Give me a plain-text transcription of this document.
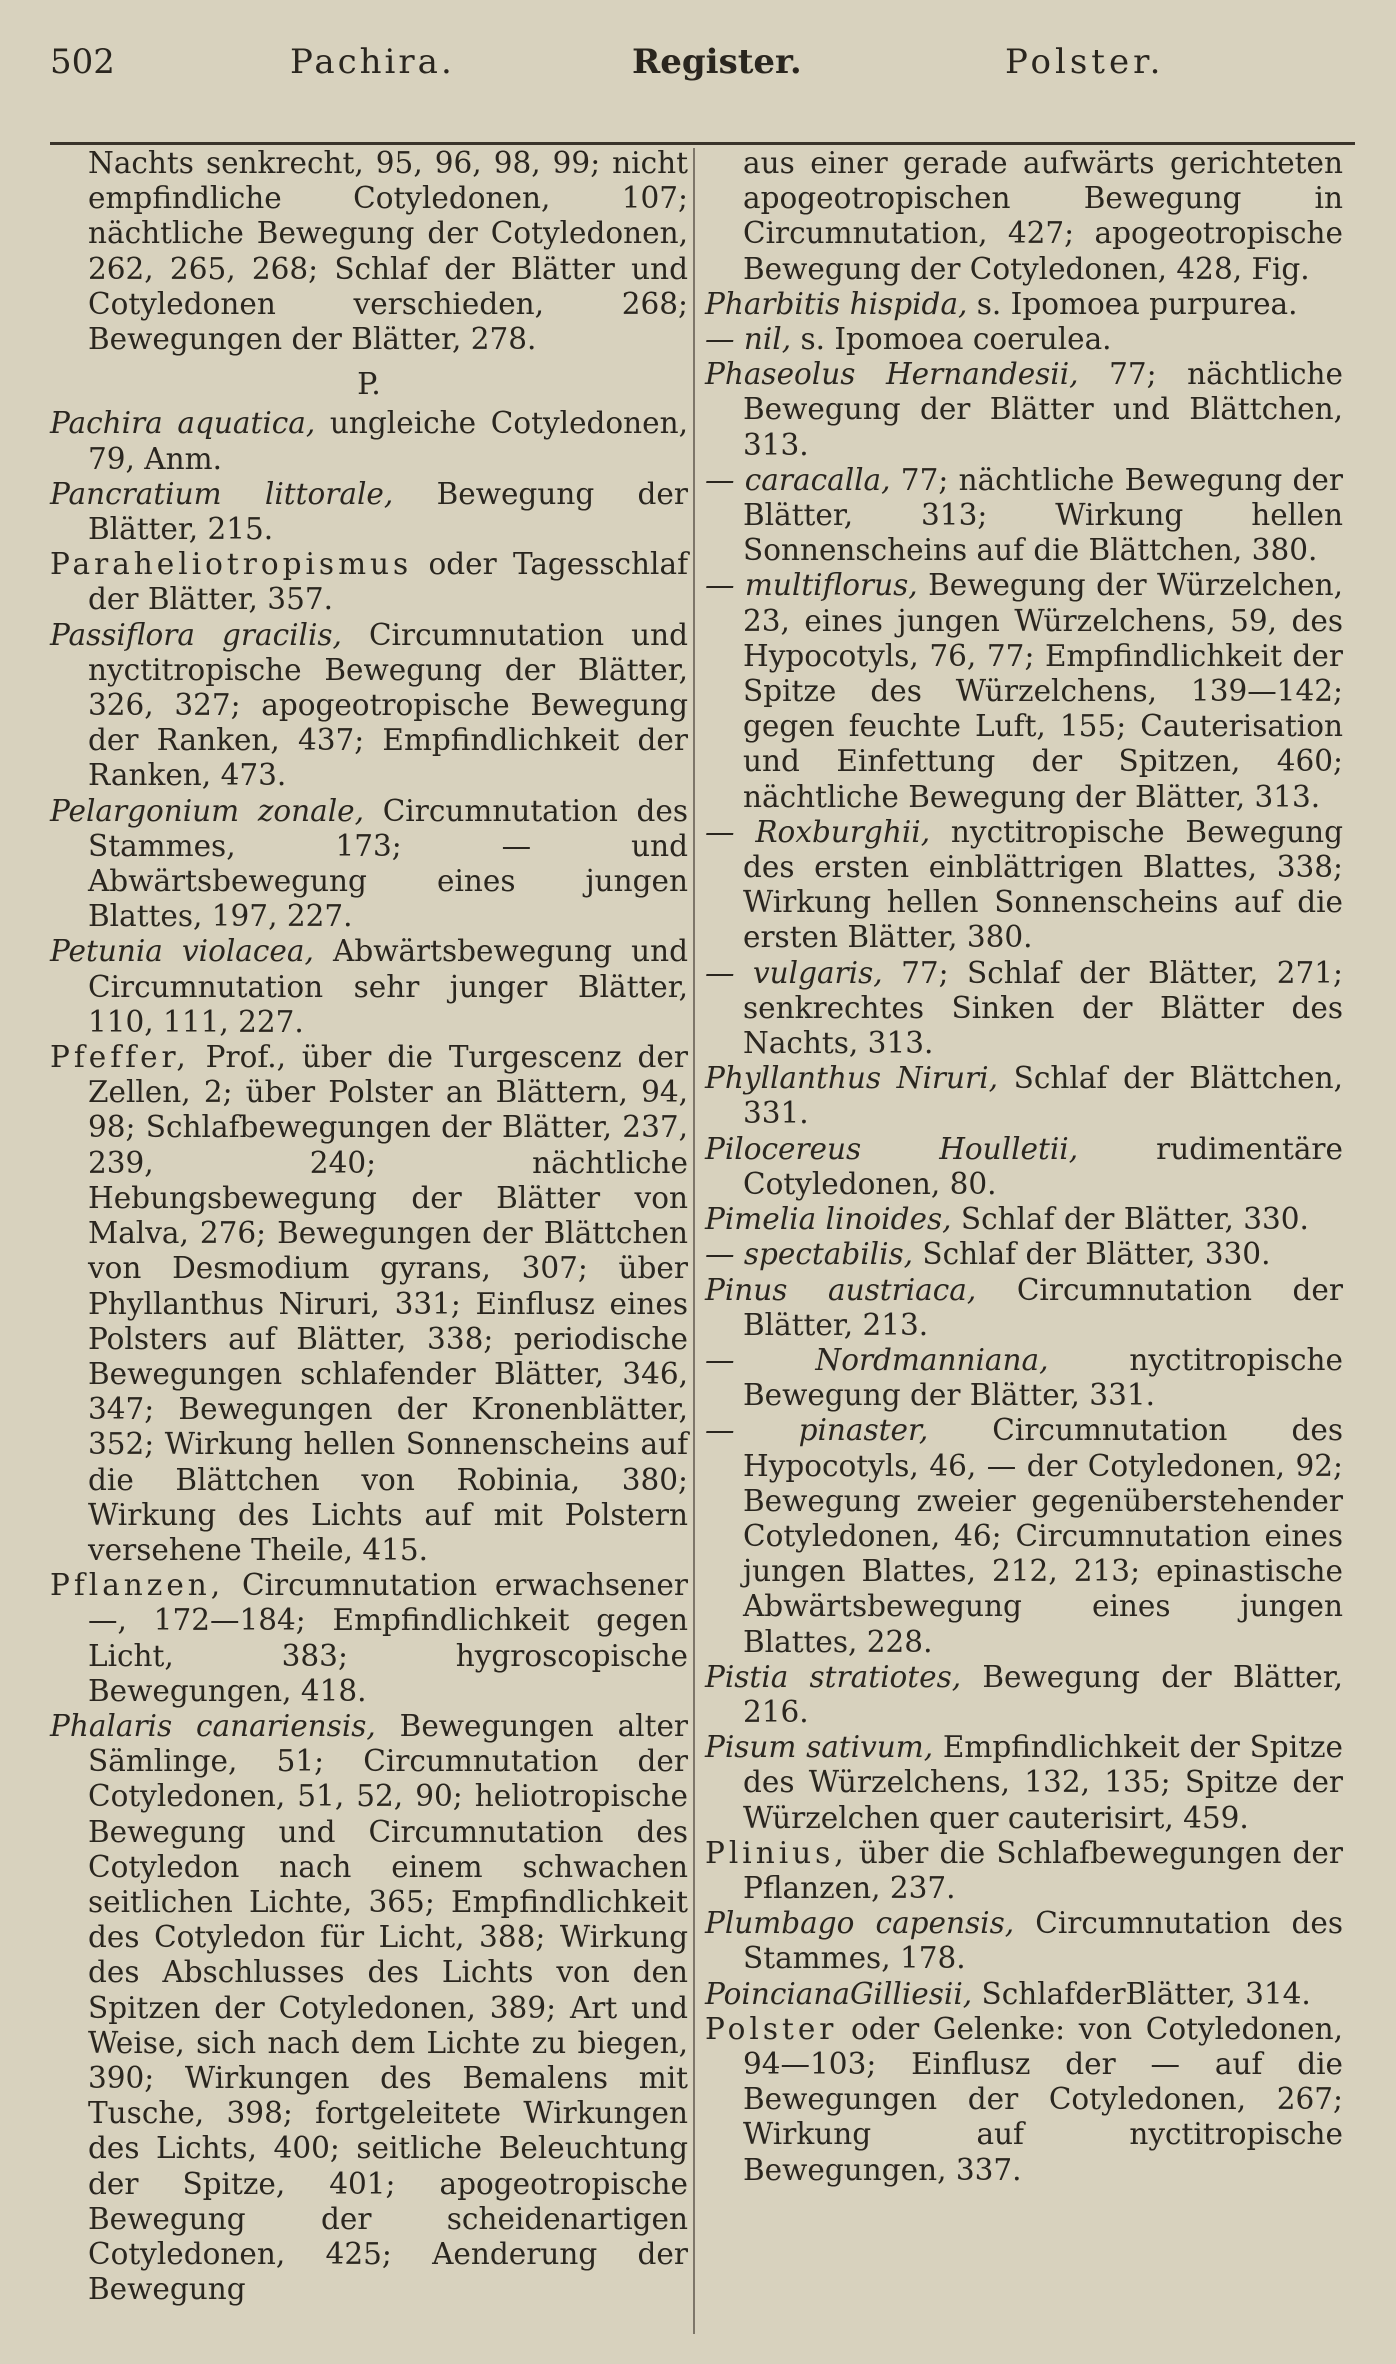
502	Pachira.	Register.	Polster.

Nachts senkrecht, 95, 96, 98, 99; nicht empfindliche Cotyledonen, 107; nächtliche Bewegung der Cotyledonen, 262, 265, 268; Schlaf der Blätter und Cotyledonen verschieden, 268; Bewegungen der Blätter, 278.

P.

Pachira aquatica, ungleiche Cotyledonen, 79, Anm.

Pancratium littorale, Bewegung der Blätter, 215.

Paraheliotropismus oder Tagesschlaf der Blätter, 357.

Passiflora gracilis, Circumnutation und nyctitropische Bewegung der Blätter, 326, 327; apogeotropische Bewegung der Ranken, 437; Empfindlichkeit der Ranken, 473.

Pelargonium zonale, Circumnutation des Stammes, 173; — und Abwärtsbewegung eines jungen Blattes, 197, 227.

Petunia violacea, Abwärtsbewegung und Circumnutation sehr junger Blätter, 110, 111, 227.

Pfeffer, Prof., über die Turgescenz der Zellen, 2; über Polster an Blättern, 94, 98; Schlafbewegungen der Blätter, 237, 239, 240; nächtliche Hebungsbewegung der Blätter von Malva, 276; Bewegungen der Blättchen von Desmodium gyrans, 307; über Phyllanthus Niruri, 331; Einflusz eines Polsters auf Blätter, 338; periodische Bewegungen schlafender Blätter, 346, 347; Bewegungen der Kronenblätter, 352; Wirkung hellen Sonnenscheins auf die Blättchen von Robinia, 380; Wirkung des Lichts auf mit Polstern versehene Theile, 415.

Pflanzen, Circumnutation erwachsener —, 172—184; Empfindlichkeit gegen Licht, 383; hygroscopische Bewegungen, 418.

Phalaris canariensis, Bewegungen alter Sämlinge, 51; Circumnutation der Cotyledonen, 51, 52, 90; heliotropische Bewegung und Circumnutation des Cotyledon nach einem schwachen seitlichen Lichte, 365; Empfindlichkeit des Cotyledon für Licht, 388; Wirkung des Abschlusses des Lichts von den Spitzen der Cotyledonen, 389; Art und Weise, sich nach dem Lichte zu biegen, 390; Wirkungen des Bemalens mit Tusche, 398; fortgeleitete Wirkungen des Lichts, 400; seitliche Beleuchtung der Spitze, 401; apogeotropische Bewegung der scheidenartigen Cotyledonen, 425; Aenderung der Bewegung

aus einer gerade aufwärts gerichteten apogeotropischen Bewegung in Circumnutation, 427; apogeotropische Bewegung der Cotyledonen, 428, Fig.

Pharbitis hispida, s. Ipomoea purpurea.

— nil, s. Ipomoea coerulea.

Phaseolus Hernandesii, 77; nächtliche Bewegung der Blätter und Blättchen, 313.

— caracalla, 77; nächtliche Bewegung der Blätter, 313; Wirkung hellen Sonnenscheins auf die Blättchen, 380.

— multiflorus, Bewegung der Würzelchen, 23, eines jungen Würzelchens, 59, des Hypocotyls, 76, 77; Empfindlichkeit der Spitze des Würzelchens, 139—142; gegen feuchte Luft, 155; Cauterisation und Einfettung der Spitzen, 460; nächtliche Bewegung der Blätter, 313.

— Roxburghii, nyctitropische Bewegung des ersten einblättrigen Blattes, 338; Wirkung hellen Sonnenscheins auf die ersten Blätter, 380.

— vulgaris, 77; Schlaf der Blätter, 271; senkrechtes Sinken der Blätter des Nachts, 313.

Phyllanthus Niruri, Schlaf der Blättchen, 331.

Pilocereus Houlletii, rudimentäre Cotyledonen, 80.

Pimelia linoides, Schlaf der Blätter, 330.

— spectabilis, Schlaf der Blätter, 330.

Pinus austriaca, Circumnutation der Blätter, 213.

— Nordmanniana, nyctitropische Bewegung der Blätter, 331.

— pinaster, Circumnutation des Hypocotyls, 46, — der Cotyledonen, 92; Bewegung zweier gegenüberstehender Cotyledonen, 46; Circumnutation eines jungen Blattes, 212, 213; epinastische Abwärtsbewegung eines jungen Blattes, 228.

Pistia stratiotes, Bewegung der Blätter, 216.

Pisum sativum, Empfindlichkeit der Spitze des Würzelchens, 132, 135; Spitze der Würzelchen quer cauterisirt, 459.

Plinius, über die Schlafbewegungen der Pflanzen, 237.

Plumbago capensis, Circumnutation des Stammes, 178.

PoincianaGilliesii, SchlafderBlätter, 314.

Polster oder Gelenke: von Cotyledonen, 94—103; Einflusz der — auf die Bewegungen der Cotyledonen, 267; Wirkung auf nyctitropische Bewegungen, 337.
